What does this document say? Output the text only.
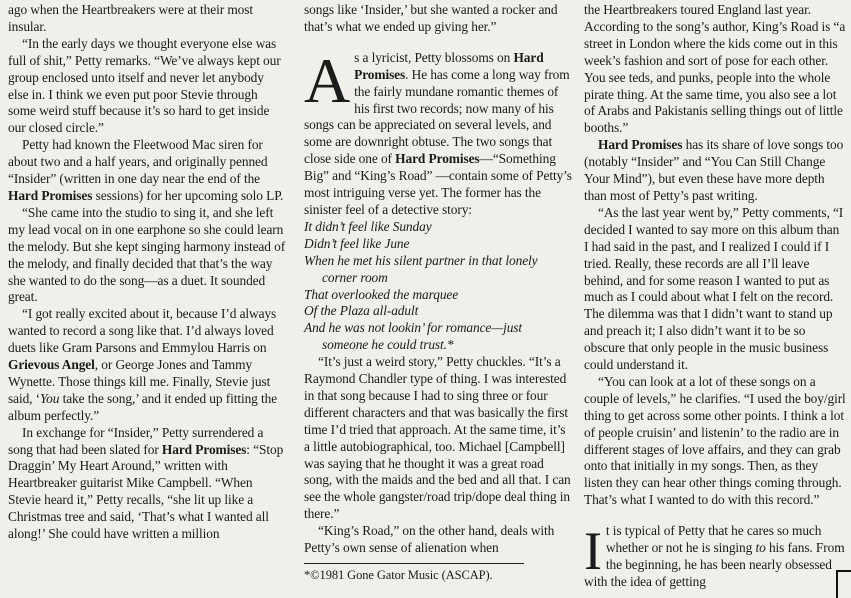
ago when the Heartbreakers were at their most insular.

“In the early days we thought everyone else was full of shit,” Petty remarks. “We’ve always kept our group enclosed unto itself and never let anybody else in. I think we even put poor Stevie through some weird stuff because it’s so hard to get inside our closed circle.”

Petty had known the Fleetwood Mac siren for about two and a half years, and originally penned “Insider” (written in one day near the end of the Hard Promises sessions) for her upcoming solo LP.

“She came into the studio to sing it, and she left my lead vocal on in one earphone so she could learn the melody. But she kept singing harmony instead of the melody, and finally decided that that’s the way she wanted to do the song—as a duet. It sounded great.

“I got really excited about it, because I’d always wanted to record a song like that. I’d always loved duets like Gram Parsons and Emmylou Harris on Grievous Angel, or George Jones and Tammy Wynette. Those things kill me. Finally, Stevie just said, ‘You take the song,’ and it ended up fitting the album perfectly.”

In exchange for “Insider,” Petty surrendered a song that had been slated for Hard Promises: “Stop Draggin’ My Heart Around,” written with Heartbreaker guitarist Mike Campbell. “When Stevie heard it,” Petty recalls, “she lit up like a Christmas tree and said, ‘That’s what I wanted all along!’ She could have written a million

songs like ‘Insider,’ but she wanted a rocker and that’s what we ended up giving her.”

As a lyricist, Petty blossoms on Hard Promises. He has come a long way from the fairly mundane romantic themes of his first two records; now many of his songs can be appreciated on several levels, and some are downright obtuse. The two songs that close side one of Hard Promises—“Something Big” and “King’s Road” —contain some of Petty’s most intriguing verse yet. The former has the sinister feel of a detective story:

It didn’t feel like Sunday
Didn’t feel like June
When he met his silent partner in that lonely
corner room
That overlooked the marquee
Of the Plaza all-adult
And he was not lookin’ for romance—just
someone he could trust.*

“It’s just a weird story,” Petty chuckles. “It’s a Raymond Chandler type of thing. I was interested in that song because I had to sing three or four different characters and that was basically the first time I’d tried that approach. At the same time, it’s a little autobiographical, too. Michael [Campbell] was saying that he thought it was a great road song, with the maids and the bed and all that. I can see the whole gangster/road trip/dope deal thing in there.”

“King’s Road,” on the other hand, deals with Petty’s own sense of alienation when

*©1981 Gone Gator Music (ASCAP).

the Heartbreakers toured England last year. According to the song’s author, King’s Road is “a street in London where the kids come out in this week’s fashion and sort of pose for each other. You see teds, and punks, people into the whole pirate thing. At the same time, you also see a lot of Arabs and Pakistanis selling things out of little booths.”

Hard Promises has its share of love songs too (notably “Insider” and “You Can Still Change Your Mind”), but even these have more depth than most of Petty’s past writing.

“As the last year went by,” Petty comments, “I decided I wanted to say more on this album than I had said in the past, and I realized I could if I tried. Really, these records are all I’ll leave behind, and for some reason I wanted to put as much as I could about what I felt on the record. The dilemma was that I didn’t want to stand up and preach it; I also didn’t want it to be so obscure that only people in the music business could understand it.

“You can look at a lot of these songs on a couple of levels,” he clarifies. “I used the boy/girl thing to get across some other points. I think a lot of people cruisin’ and listenin’ to the radio are in different stages of love affairs, and they can grab onto that initially in my songs. Then, as they listen they can hear other things coming through. That’s what I wanted to do with this record.”

It is typical of Petty that he cares so much whether or not he is singing to his fans. From the beginning, he has been nearly obsessed with the idea of getting
